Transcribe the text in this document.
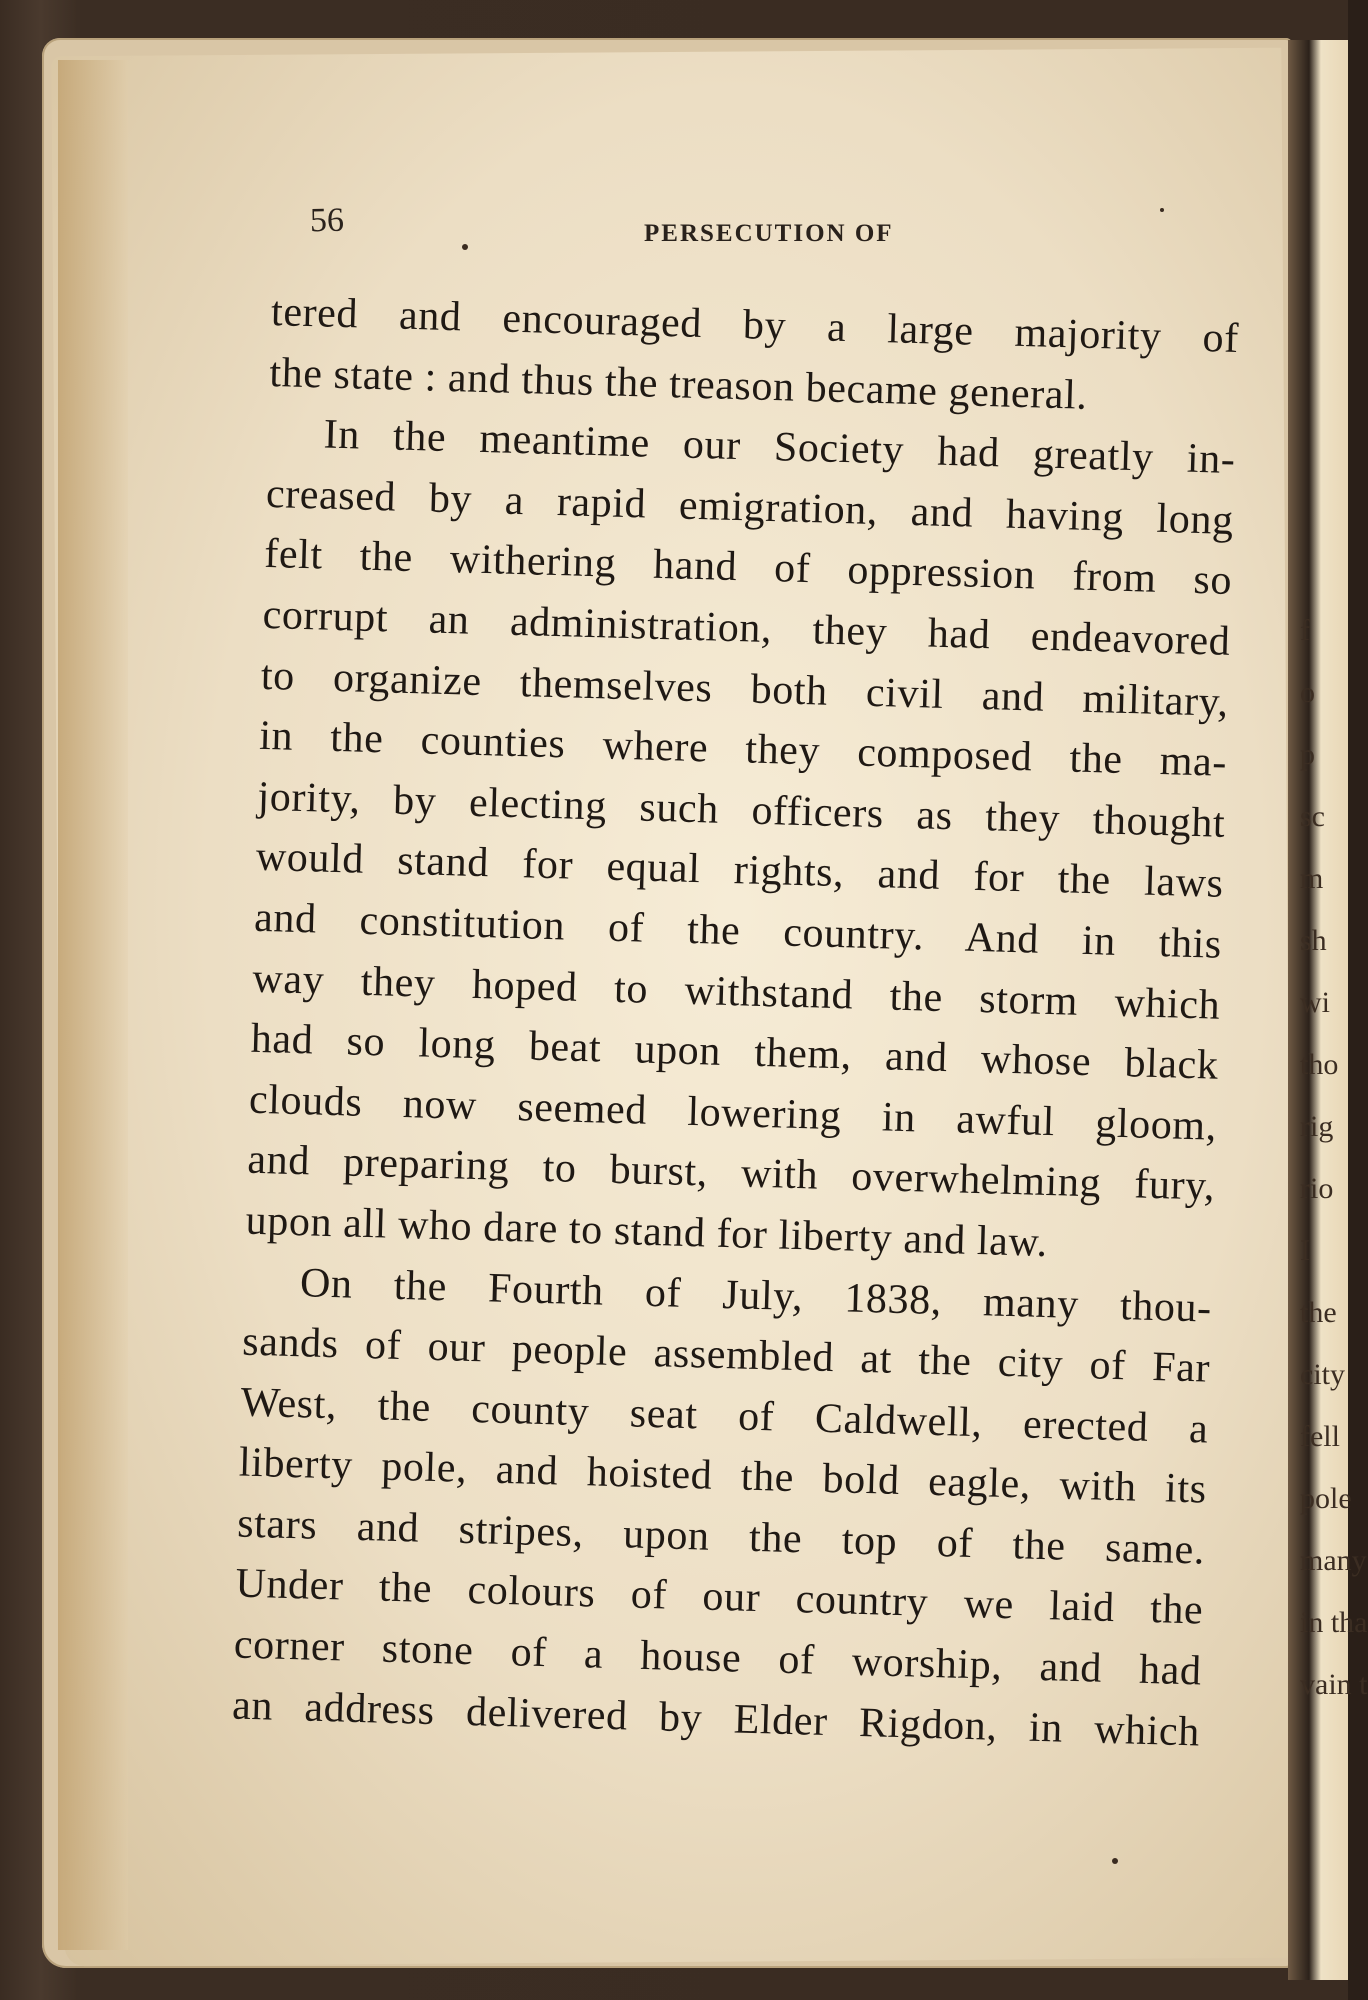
f
o
p
sc
m
sh
wi
tho
rig
rio
I
the
city
fell
pole
many
in tha
vain t
56	PERSECUTION OF
tered and encouraged by a large majority of
the state : and thus the treason became general.
In the meantime our Society had greatly in-
creased by a rapid emigration, and having long
felt the withering hand of oppression from so
corrupt an administration, they had endeavored
to organize themselves both civil and military,
in the counties where they composed the ma-
jority, by electing such officers as they thought
would stand for equal rights, and for the laws
and constitution of the country. And in this
way they hoped to withstand the storm which
had so long beat upon them, and whose black
clouds now seemed lowering in awful gloom,
and preparing to burst, with overwhelming fury,
upon all who dare to stand for liberty and law.
On the Fourth of July, 1838, many thou-
sands of our people assembled at the city of Far
West, the county seat of Caldwell, erected a
liberty pole, and hoisted the bold eagle, with its
stars and stripes, upon the top of the same.
Under the colours of our country we laid the
corner stone of a house of worship, and had
an address delivered by Elder Rigdon, in which
